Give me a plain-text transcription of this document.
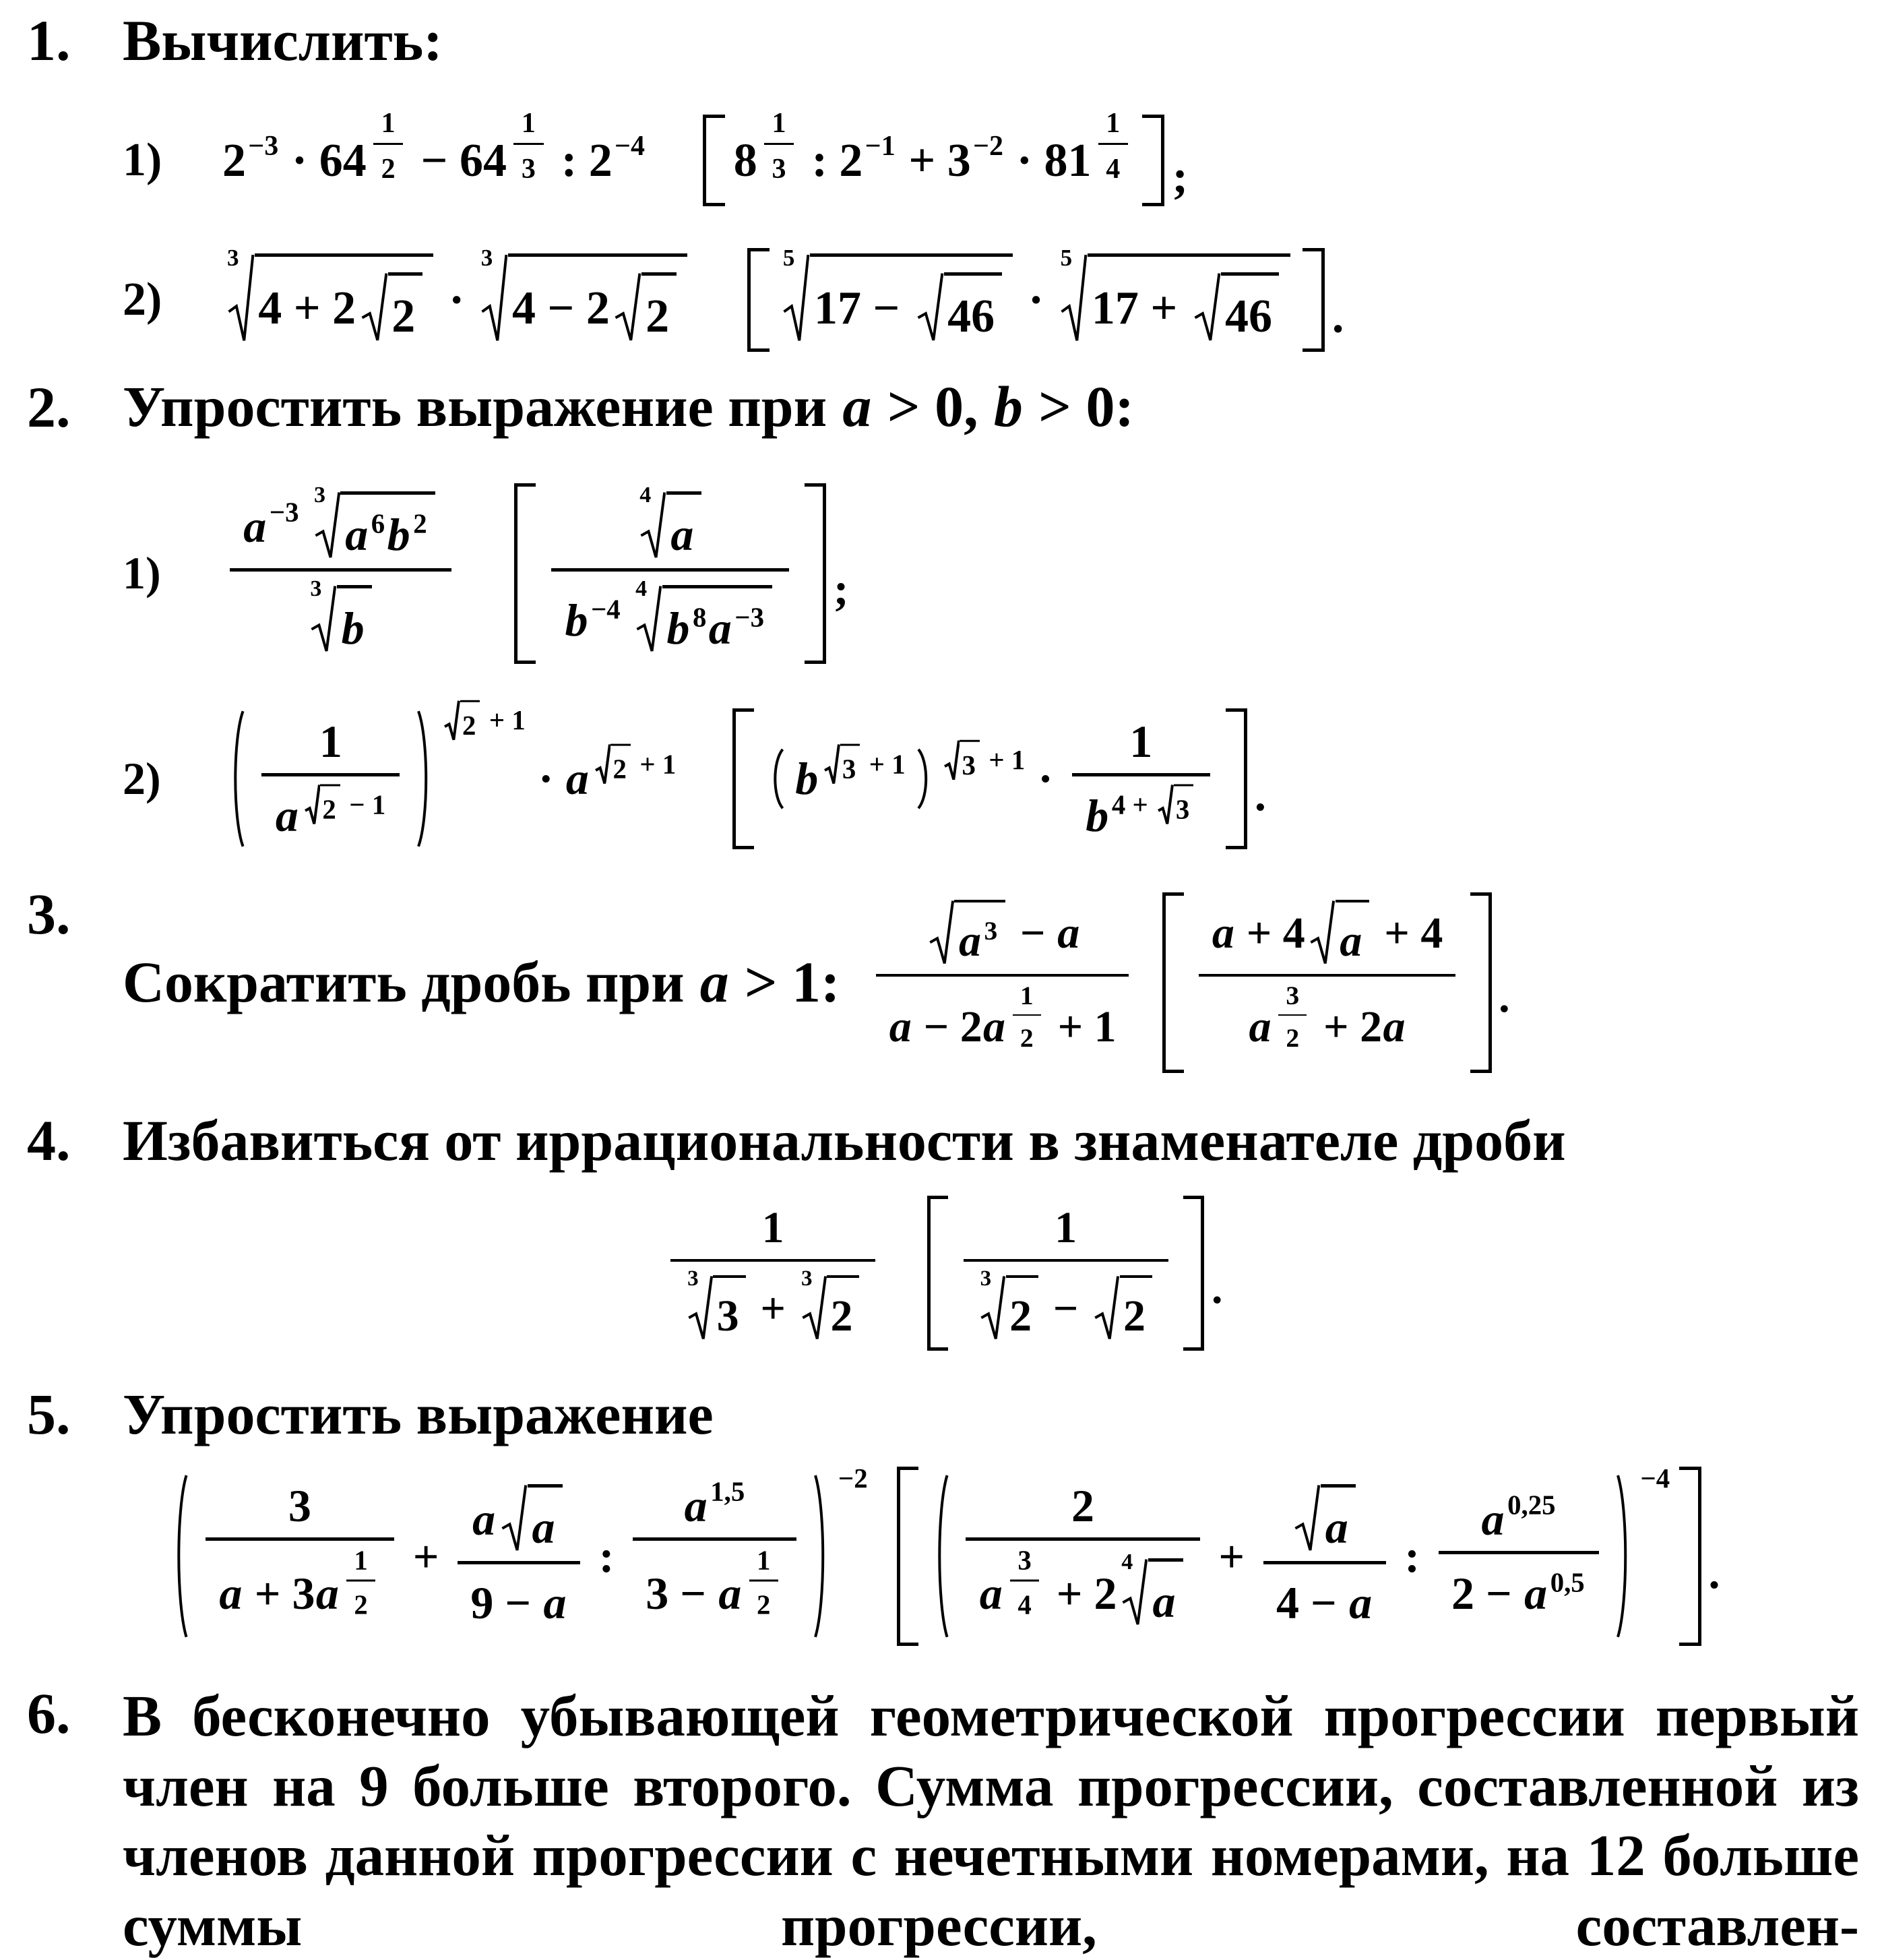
1. Вычислить:
1)	$2 -3 \cdot 64 \frac{1}{2} - 64 \frac{1}{3}$ : 2 −4 $8 \frac{1}{3}$ : $2 -1 + 3 -2 \cdot 81 \frac{1}{4}$ ;
2)
3
4 + 2 2 ·
3
4 − 2 2
5
17 − 46 ·
5
17 + 46 .
2. Упростить выражение при a > 0, b > 0:
1)	a −3
3
a 6 b 2
3
b	4
a
b −4
4
b 8 a −3 ;
2)	$\frac{1}{a 2 - 1} 2 + 1$
· a 2 + 1	b 3 + 1 $3 + 1 \cdot \frac{1}{b 4 + 3}$ .
3.
Сократить дробь при a > 1: $\frac{a 3 - a}{a - 2 a \frac{1}{2} + 1} \frac{a + 4 a + 4}{a \frac{3}{2} + 2 a}$ .
4. Избавиться от иррациональности в знаменателе дроби
1
3
3 +
3
2 1
3
2 − 2 .
5. Упростить выражение
$\frac{3}{a + 3 a \frac{1}{2}} + \frac{\text{a a}}{9 - a}$ : $\frac{a 1,5}{3 - a \frac{1}{2}} -2$ 2
a $\frac{3}{4} + 2$
4
$a + \frac{a}{4 - a}$ : $\frac{a 0,25}{2 - a 0,5}$
−4
.
6. В бесконечно убывающей геометрической прогрессии первый член на 9 больше второго. Сумма прогрессии, составленной из членов данной прогрессии с нечетными номерами, на 12 больше суммы прогрессии, составлен-
